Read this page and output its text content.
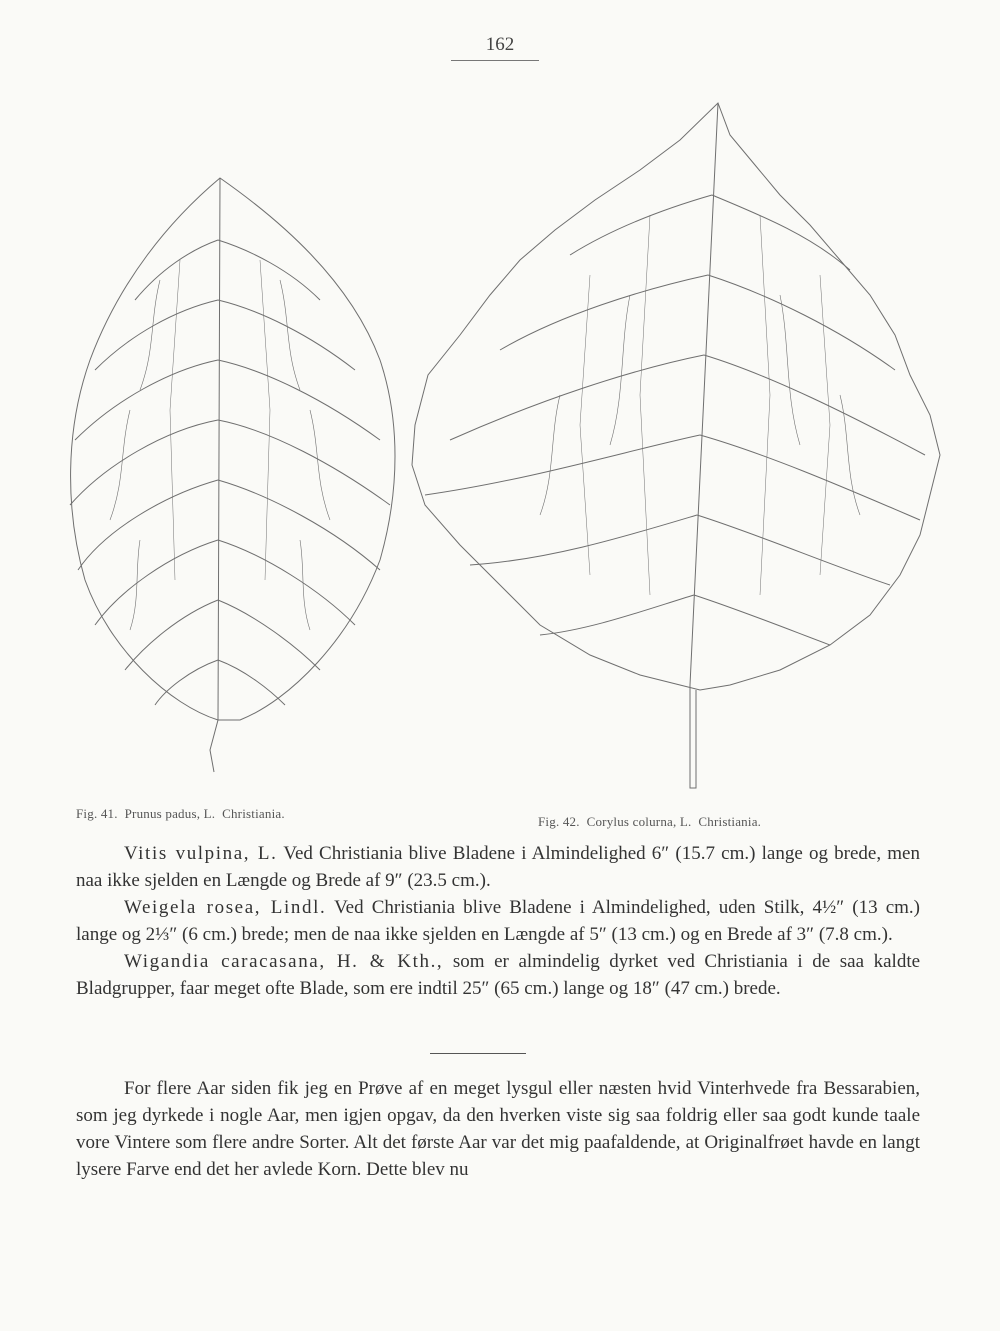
162
Fig. 41. Prunus padus, L. Christiania.
Fig. 42. Corylus colurna, L. Christiania.

Vitis vulpina, L. Ved Christiania blive Bladene i Almindelighed 6″ (15.7 cm.) lange og brede, men naa ikke sjelden en Længde og Brede af 9″ (23.5 cm.).

Weigela rosea, Lindl. Ved Christiania blive Bladene i Almindelighed, uden Stilk, 4½″ (13 cm.) lange og 2⅓″ (6 cm.) brede; men de naa ikke sjelden en Længde af 5″ (13 cm.) og en Brede af 3″ (7.8 cm.).

Wigandia caracasana, H. & Kth., som er almindelig dyrket ved Christiania i de saa kaldte Bladgrupper, faar meget ofte Blade, som ere indtil 25″ (65 cm.) lange og 18″ (47 cm.) brede.

For flere Aar siden fik jeg en Prøve af en meget lysgul eller næsten hvid Vinterhvede fra Bessarabien, som jeg dyrkede i nogle Aar, men igjen opgav, da den hverken viste sig saa foldrig eller saa godt kunde taale vore Vintere som flere andre Sorter. Alt det første Aar var det mig paafaldende, at Originalfrøet havde en langt lysere Farve end det her avlede Korn. Dette blev nu
